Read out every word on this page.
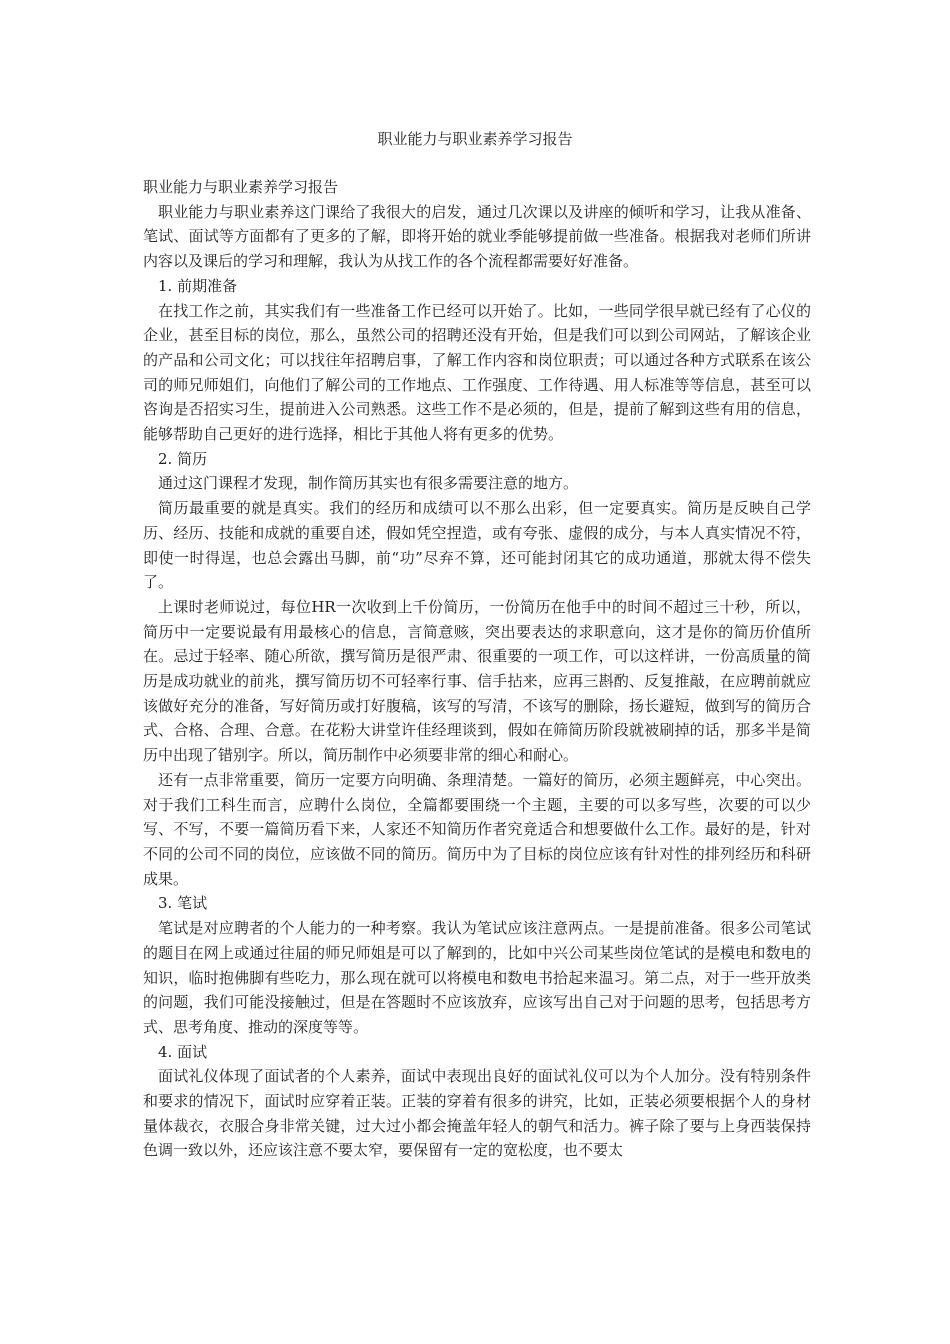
职业能力与职业素养学习报告

职业能力与职业素养学习报告

职业能力与职业素养这门课给了我很大的启发，通过几次课以及讲座的倾听和学习，让我从准备、笔试、面试等方面都有了更多的了解，即将开始的就业季能够提前做一些准备。根据我对老师们所讲内容以及课后的学习和理解，我认为从找工作的各个流程都需要好好准备。

1. 前期准备

在找工作之前，其实我们有一些准备工作已经可以开始了。比如，一些同学很早就已经有了心仪的企业，甚至目标的岗位，那么，虽然公司的招聘还没有开始，但是我们可以到公司网站，了解该企业的产品和公司文化；可以找往年招聘启事，了解工作内容和岗位职责；可以通过各种方式联系在该公司的师兄师姐们，向他们了解公司的工作地点、工作强度、工作待遇、用人标准等等信息，甚至可以咨询是否招实习生，提前进入公司熟悉。这些工作不是必须的，但是，提前了解到这些有用的信息，能够帮助自己更好的进行选择，相比于其他人将有更多的优势。

2. 简历

通过这门课程才发现，制作简历其实也有很多需要注意的地方。

简历最重要的就是真实。我们的经历和成绩可以不那么出彩，但一定要真实。简历是反映自己学历、经历、技能和成就的重要自述，假如凭空捏造，或有夸张、虚假的成分，与本人真实情况不符，即使一时得逞，也总会露出马脚，前“功”尽弃不算，还可能封闭其它的成功通道，那就太得不偿失了。

上课时老师说过，每位HR一次收到上千份简历，一份简历在他手中的时间不超过三十秒，所以，简历中一定要说最有用最核心的信息，言简意赅，突出要表达的求职意向，这才是你的简历价值所在。忌过于轻率、随心所欲，撰写简历是很严肃、很重要的一项工作，可以这样讲，一份高质量的简历是成功就业的前兆，撰写简历切不可轻率行事、信手拈来，应再三斟酌、反复推敲，在应聘前就应该做好充分的准备，写好简历或打好腹稿，该写的写清，不该写的删除，扬长避短，做到写的简历合式、合格、合理、合意。在花粉大讲堂许佳经理谈到，假如在筛简历阶段就被刷掉的话，那多半是简历中出现了错别字。所以，简历制作中必须要非常的细心和耐心。

还有一点非常重要，简历一定要方向明确、条理清楚。一篇好的简历，必须主题鲜亮，中心突出。对于我们工科生而言，应聘什么岗位，全篇都要围绕一个主题，主要的可以多写些，次要的可以少写、不写，不要一篇简历看下来，人家还不知简历作者究竟适合和想要做什么工作。最好的是，针对不同的公司不同的岗位，应该做不同的简历。简历中为了目标的岗位应该有针对性的排列经历和科研成果。

3. 笔试

笔试是对应聘者的个人能力的一种考察。我认为笔试应该注意两点。一是提前准备。很多公司笔试的题目在网上或通过往届的师兄师姐是可以了解到的，比如中兴公司某些岗位笔试的是模电和数电的知识，临时抱佛脚有些吃力，那么现在就可以将模电和数电书拾起来温习。第二点，对于一些开放类的问题，我们可能没接触过，但是在答题时不应该放弃，应该写出自己对于问题的思考，包括思考方式、思考角度、推动的深度等等。

4. 面试

面试礼仪体现了面试者的个人素养，面试中表现出良好的面试礼仪可以为个人加分。没有特别条件和要求的情况下，面试时应穿着正装。正装的穿着有很多的讲究，比如，正装必须要根据个人的身材量体裁衣，衣服合身非常关键，过大过小都会掩盖年轻人的朝气和活力。裤子除了要与上身西装保持色调一致以外，还应该注意不要太窄，要保留有一定的宽松度，也不要太
